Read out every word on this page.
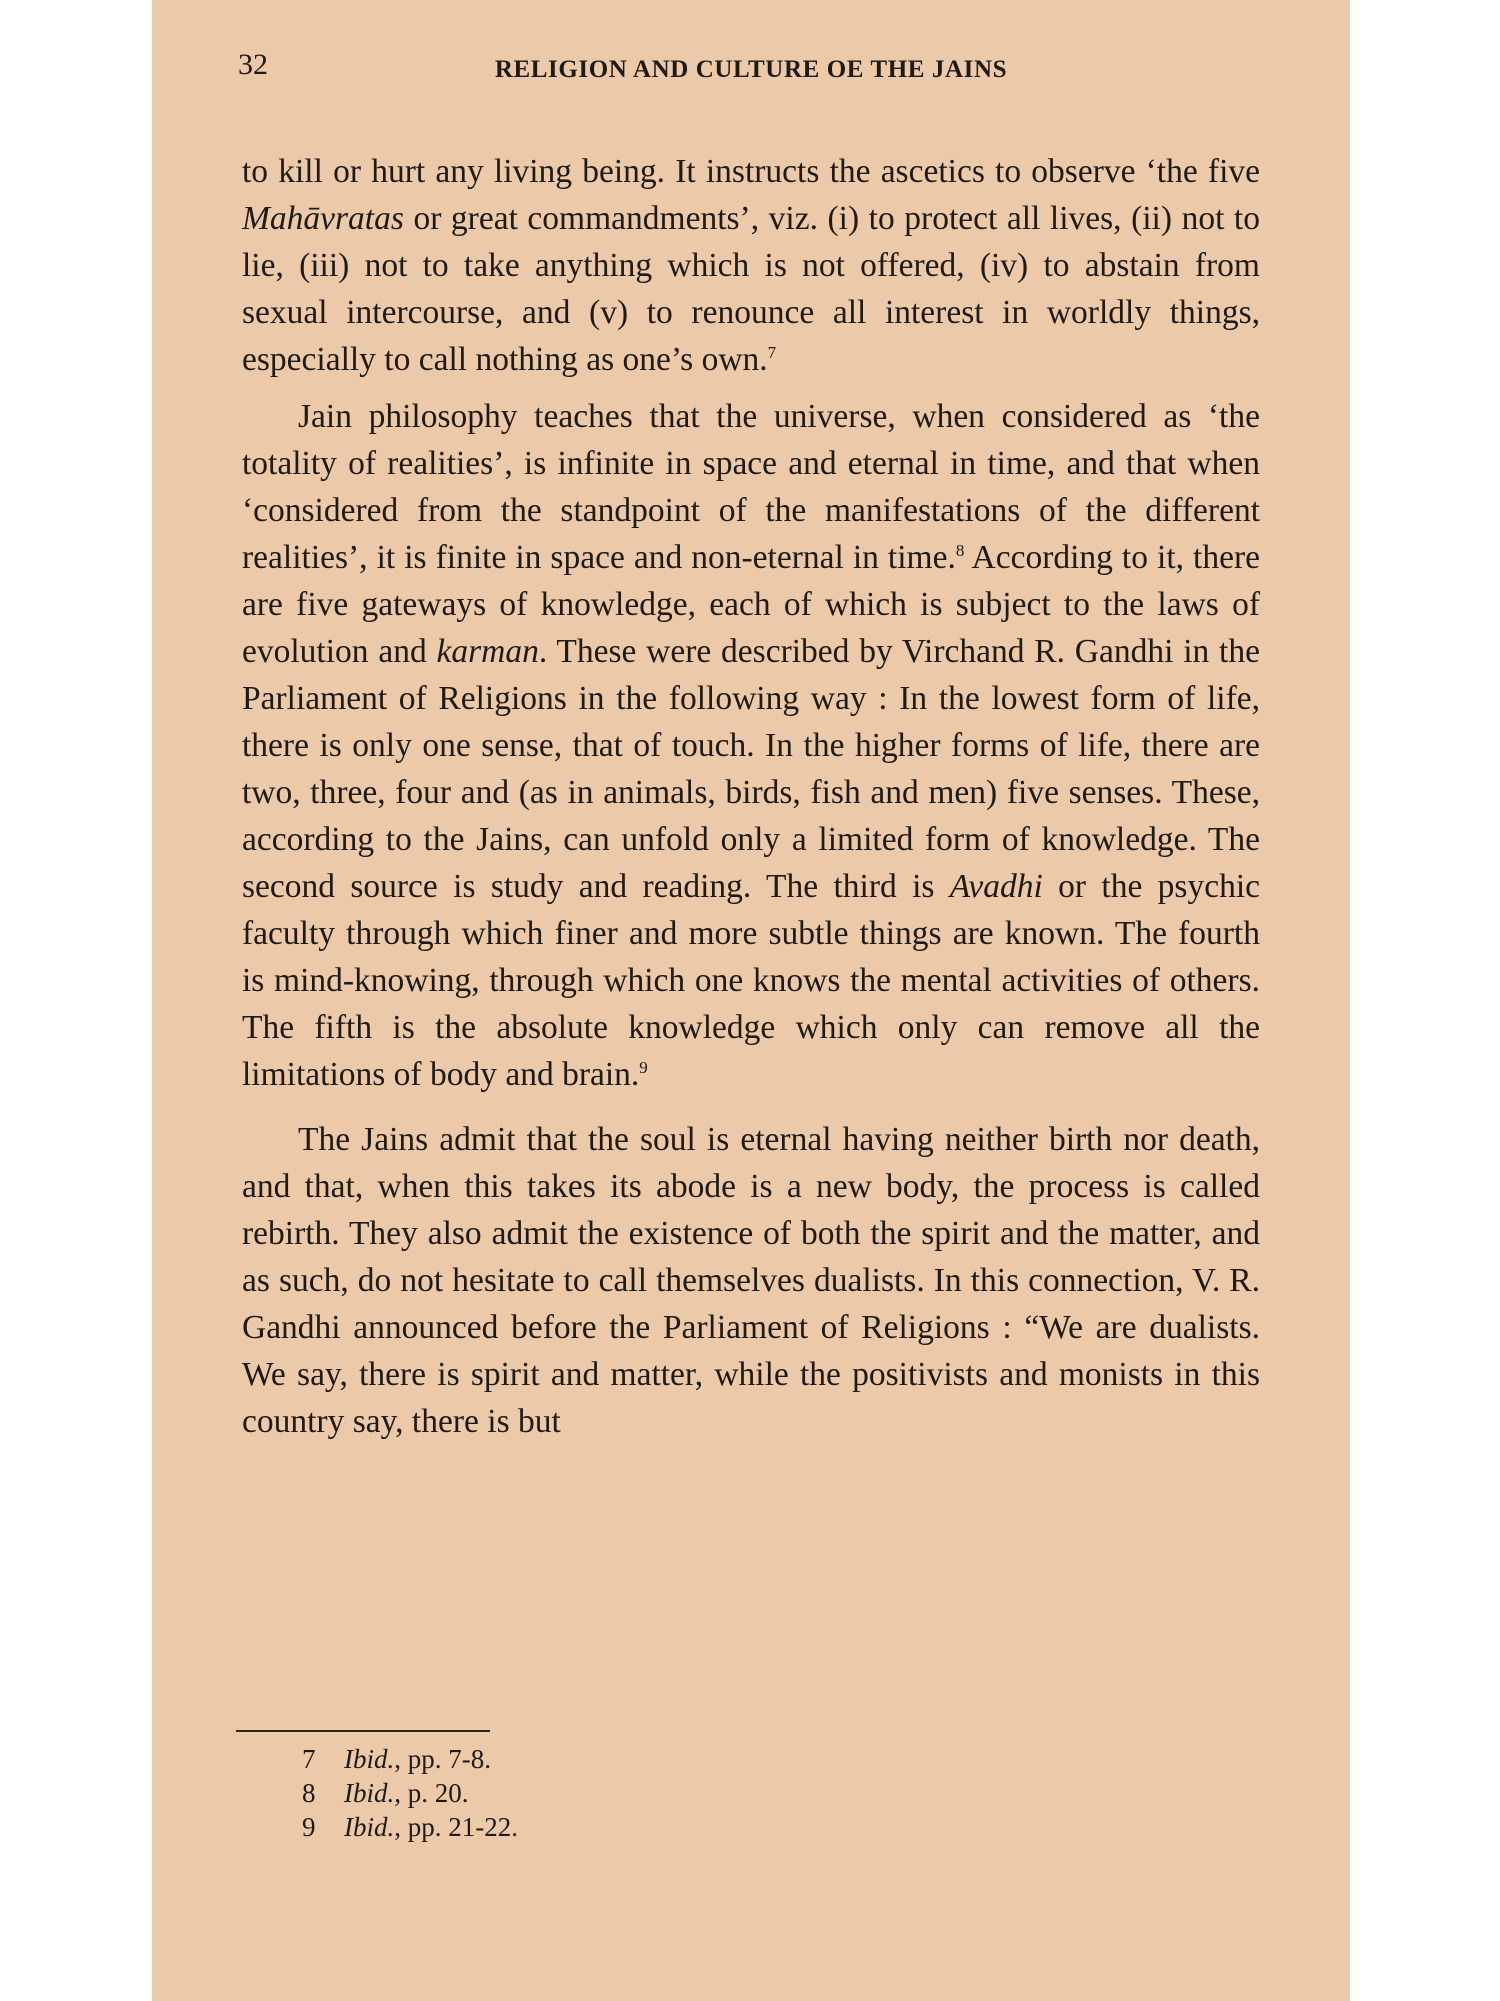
32	RELIGION AND CULTURE OE THE JAINS

to kill or hurt any living being. It instructs the ascetics to observe ‘the five Mahāvratas or great commandments’, viz. (i) to protect all lives, (ii) not to lie, (iii) not to take anything which is not offered, (iv) to abstain from sexual intercourse, and (v) to renounce all interest in worldly things, especially to call nothing as one’s own.$^7$

Jain philosophy teaches that the universe, when considered as ‘the totality of realities’, is infinite in space and eternal in time, and that when ‘considered from the standpoint of the manifestations of the different realities’, it is finite in space and non-eternal in time.$^8$ According to it, there are five gateways of knowledge, each of which is subject to the laws of evolution and karman. These were described by Virchand R. Gandhi in the Parliament of Religions in the following way : In the lowest form of life, there is only one sense, that of touch. In the higher forms of life, there are two, three, four and (as in animals, birds, fish and men) five senses. These, according to the Jains, can unfold only a limited form of knowledge. The second source is study and reading. The third is Avadhi or the psychic faculty through which finer and more subtle things are known. The fourth is mind-knowing, through which one knows the mental activities of others. The fifth is the absolute knowledge which only can remove all the limitations of body and brain.$^9$

The Jains admit that the soul is eternal having neither birth nor death, and that, when this takes its abode is a new body, the process is called rebirth. They also admit the existence of both the spirit and the matter, and as such, do not hesitate to call themselves dualists. In this connection, V. R. Gandhi announced before the Parliament of Religions : “We are dualists. We say, there is spirit and matter, while the positivists and monists in this country say, there is but

7 Ibid., pp. 7-8.
8 Ibid., p. 20.
9 Ibid., pp. 21-22.
